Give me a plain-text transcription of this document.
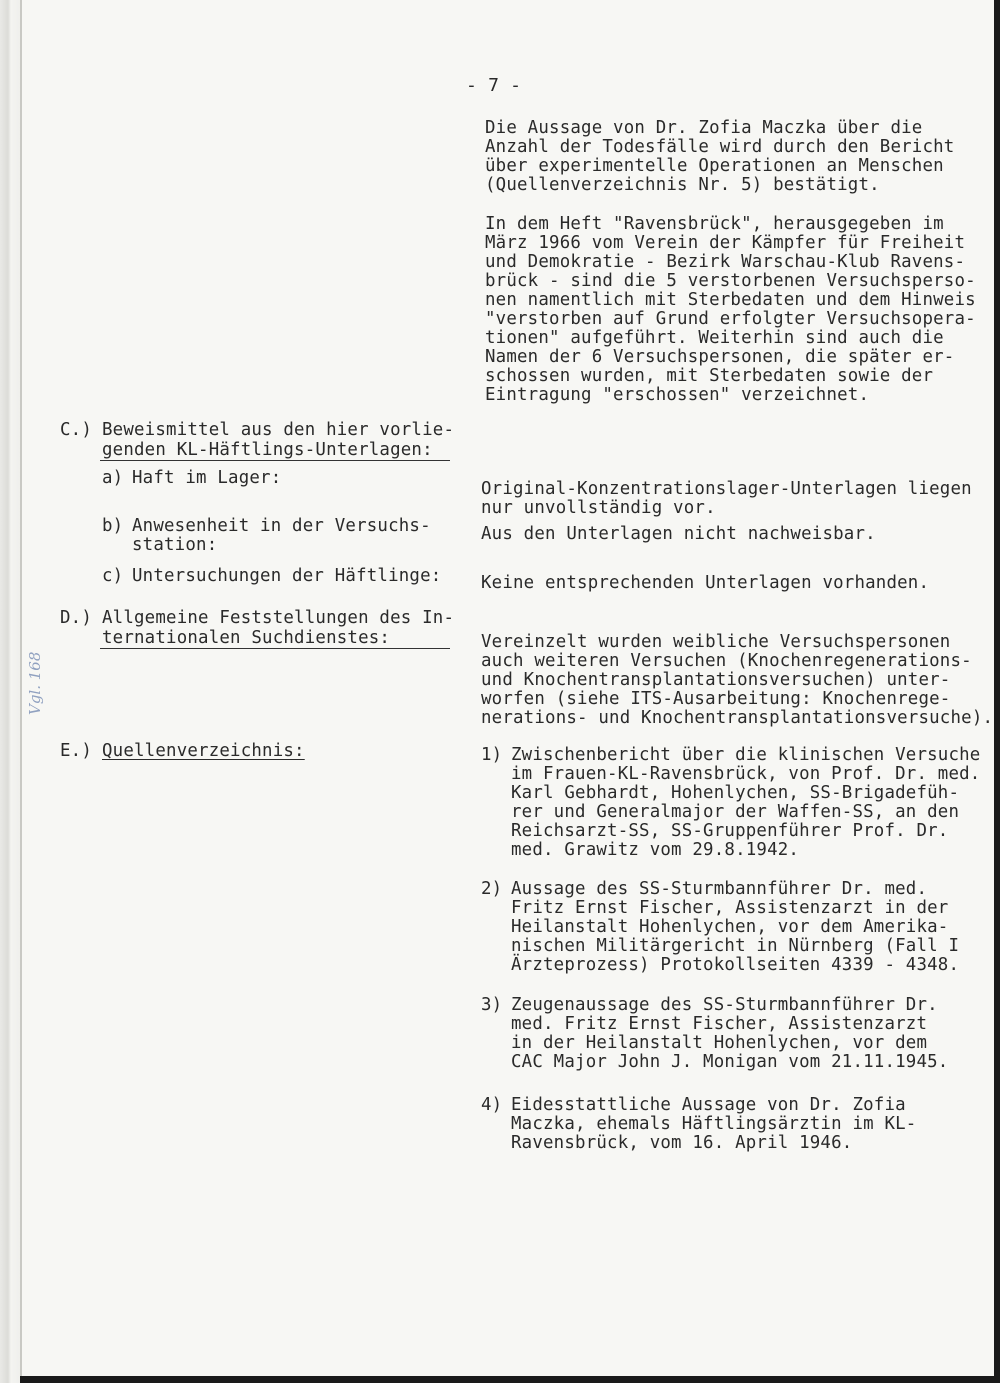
- 7 -
Die Aussage von Dr. Zofia Maczka über die
Anzahl der Todesfälle wird durch den Bericht
über experimentelle Operationen an Menschen
(Quellenverzeichnis Nr. 5) bestätigt.
In dem Heft "Ravensbrück", herausgegeben im
März 1966 vom Verein der Kämpfer für Freiheit
und Demokratie - Bezirk Warschau-Klub Ravens-
brück - sind die 5 verstorbenen Versuchsperso-
nen namentlich mit Sterbedaten und dem Hinweis
"verstorben auf Grund erfolgter Versuchsopera-
tionen" aufgeführt. Weiterhin sind auch die
Namen der 6 Versuchspersonen, die später er-
schossen wurden, mit Sterbedaten sowie der
Eintragung "erschossen" verzeichnet.
C.) Beweismittel aus den hier vorlie-
genden KL-Häftlings-Unterlagen:
a) Haft im Lager:
Original-Konzentrationslager-Unterlagen liegen
nur unvollständig vor.
b) Anwesenheit in der Versuchs-
station:
Aus den Unterlagen nicht nachweisbar.
c) Untersuchungen der Häftlinge: Keine entsprechenden Unterlagen vorhanden.
D.) Allgemeine Feststellungen des In-
ternationalen Suchdienstes:	Vereinzelt wurden weibliche Versuchspersonen
auch weiteren Versuchen (Knochenregenerations-
und Knochentransplantationsversuchen) unter-
worfen (siehe ITS-Ausarbeitung: Knochenrege-
nerations- und Knochentransplantationsversuche).
E.) Quellenverzeichnis:	1) Zwischenbericht über die klinischen Versuche
im Frauen-KL-Ravensbrück, von Prof. Dr. med.
Karl Gebhardt, Hohenlychen, SS-Brigadefüh-
rer und Generalmajor der Waffen-SS, an den
Reichsarzt-SS, SS-Gruppenführer Prof. Dr.
med. Grawitz vom 29.8.1942.
2) Aussage des SS-Sturmbannführer Dr. med.
Fritz Ernst Fischer, Assistenzarzt in der
Heilanstalt Hohenlychen, vor dem Amerika-
nischen Militärgericht in Nürnberg (Fall I
Ärzteprozess) Protokollseiten 4339 - 4348.
3) Zeugenaussage des SS-Sturmbannführer Dr.
med. Fritz Ernst Fischer, Assistenzarzt
in der Heilanstalt Hohenlychen, vor dem
CAC Major John J. Monigan vom 21.11.1945.
4) Eidesstattliche Aussage von Dr. Zofia
Maczka, ehemals Häftlingsärztin im KL-
Ravensbrück, vom 16. April 1946.
Vgl. 168
